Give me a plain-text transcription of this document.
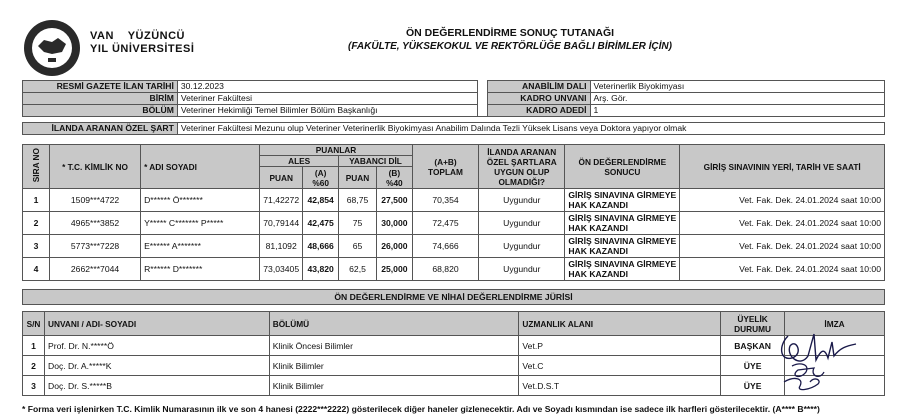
VAN YÜZÜNCÜ
YIL ÜNİVERSİTESİ
ÖN DEĞERLENDİRME SONUÇ TUTANAĞI
(FAKÜLTE, YÜKSEKOKUL VE REKTÖRLÜĞE BAĞLI BİRİMLER İÇİN)
RESMİ GAZETE İLAN TARİHİ	30.12.2023		ANABİLİM DALI	Veterinerlik Biyokimyası
BİRİM	Veteriner Fakültesi		KADRO UNVANI	Arş. Gör.
BÖLÜM	Veteriner Hekimliği Temel Bilimler Bölüm Başkanlığı		KADRO ADEDİ	1

İLANDA ARANAN ÖZEL ŞART	Veteriner Fakültesi Mezunu olup Veteriner Veterinerlik Biyokimyası Anabilim Dalında Tezli Yüksek Lisans veya Doktora yapıyor olmak			
SIRA NO	* T.C. KİMLİK NO	* ADI SOYADI	PUANLAR				(A+B) TOPLAM	İLANDA ARANAN ÖZEL ŞARTLARA UYGUN OLUP OLMADIĞI?	ÖN DEĞERLENDİRME SONUCU	GİRİŞ SINAVININ YERİ, TARİH VE SAATİ
			ALES		YABANCI DİL					
			PUAN	(A) %60	PUAN	(B) %40				
1	1509***4722	D****** Ö*******	71,42272	42,854	68,75	27,500	70,354	Uygundur	GİRİŞ SINAVINA GİRMEYE HAK KAZANDI	Vet. Fak. Dek. 24.01.2024 saat 10:00
2	4965***3852	Y***** C******* P*****	70,79144	42,475	75	30,000	72,475	Uygundur	GİRİŞ SINAVINA GİRMEYE HAK KAZANDI	Vet. Fak. Dek. 24.01.2024 saat 10:00
3	5773***7228	E****** A*******	81,1092	48,666	65	26,000	74,666	Uygundur	GİRİŞ SINAVINA GİRMEYE HAK KAZANDI	Vet. Fak. Dek. 24.01.2024 saat 10:00
4	2662***7044	R****** D*******	73,03405	43,820	62,5	25,000	68,820	Uygundur	GİRİŞ SINAVINA GİRMEYE HAK KAZANDI	Vet. Fak. Dek. 24.01.2024 saat 10:00
ÖN DEĞERLENDİRME VE NİHAİ DEĞERLENDİRME JÜRİSİ
S/N	UNVANI / ADI- SOYADI	BÖLÜMÜ	UZMANLIK ALANI	ÜYELİK DURUMU	İMZA
1	Prof. Dr. N.*****Ö	Klinik Öncesi Bilimler	Vet.P	BAŞKAN	
2	Doç. Dr. A.*****K	Klinik Bilimler	Vet.C	ÜYE	
3	Doç. Dr. S.*****B	Klinik Bilimler	Vet.D.S.T	ÜYE	
* Forma veri işlenirken T.C. Kimlik Numarasının ilk ve son 4 hanesi (2222***2222) gösterilecek diğer haneler gizlenecektir. Adı ve Soyadı kısmından ise sadece ilk harfleri gösterilecektir. (A**** B****)
